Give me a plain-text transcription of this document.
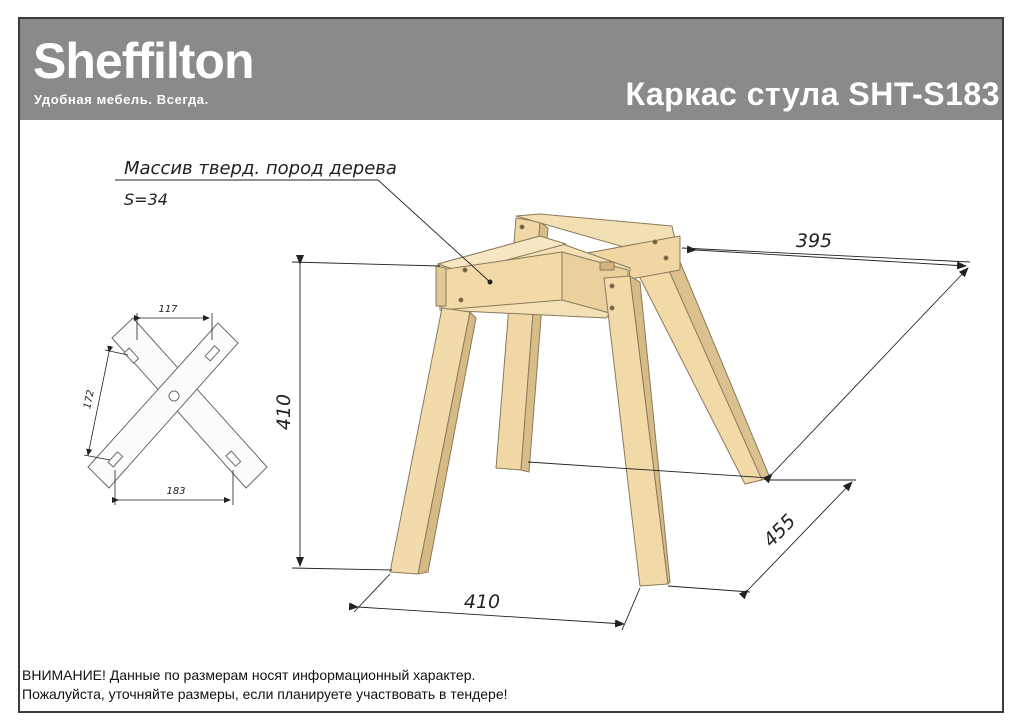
Sheffilton
Удобная мебель. Всегда.	Каркас стула SHT-S183
117
183
172
Массив тверд. пород дерева
S=34
410
410
455
395
ВНИМАНИЕ! Данные по размерам носят информационный характер.
Пожалуйста, уточняйте размеры, если планируете участвовать в тендере!
